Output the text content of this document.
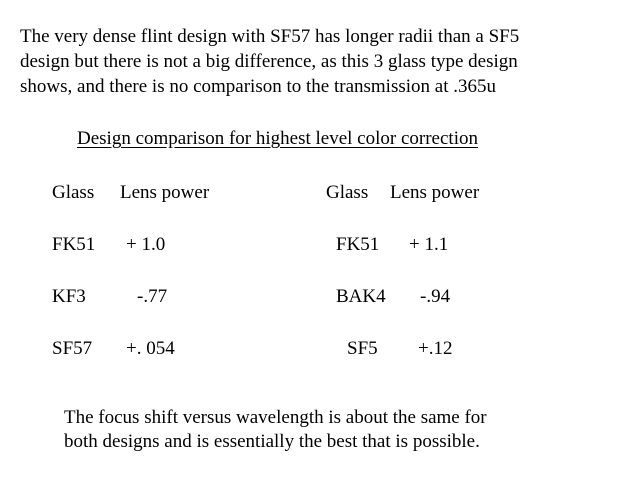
The very dense flint design with SF57 has longer radii than a SF5
design but there is not a big difference, as this 3 glass type design
shows, and there is no comparison to the transmission at .365u
Design comparison for highest level color correction
Glass Lens power
FK51 + 1.0
KF3	-.77
SF57 +. 054
Glass Lens power
FK51 + 1.1
BAK4 -.94
SF5 +.12
The focus shift versus wavelength is about the same for
both designs and is essentially the best that is possible.
